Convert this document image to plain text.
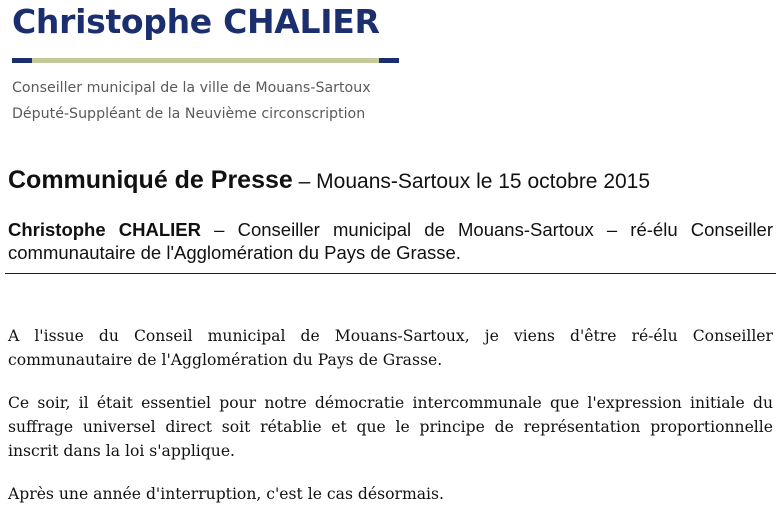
Christophe CHALIER
Conseiller municipal de la ville de Mouans-Sartoux
Député-Suppléant de la Neuvième circonscription
Communiqué de Presse – Mouans-Sartoux le 15 octobre 2015
Christophe CHALIER – Conseiller municipal de Mouans-Sartoux – ré-élu Conseiller communautaire de l'Agglomération du Pays de Grasse.

A l'issue du Conseil municipal de Mouans-Sartoux, je viens d'être ré-élu Conseiller communautaire de l'Agglomération du Pays de Grasse.

Ce soir, il était essentiel pour notre démocratie intercommunale que l'expression initiale du suffrage universel direct soit rétablie et que le principe de représentation proportionnelle inscrit dans la loi s'applique.

Après une année d'interruption, c'est le cas désormais.
